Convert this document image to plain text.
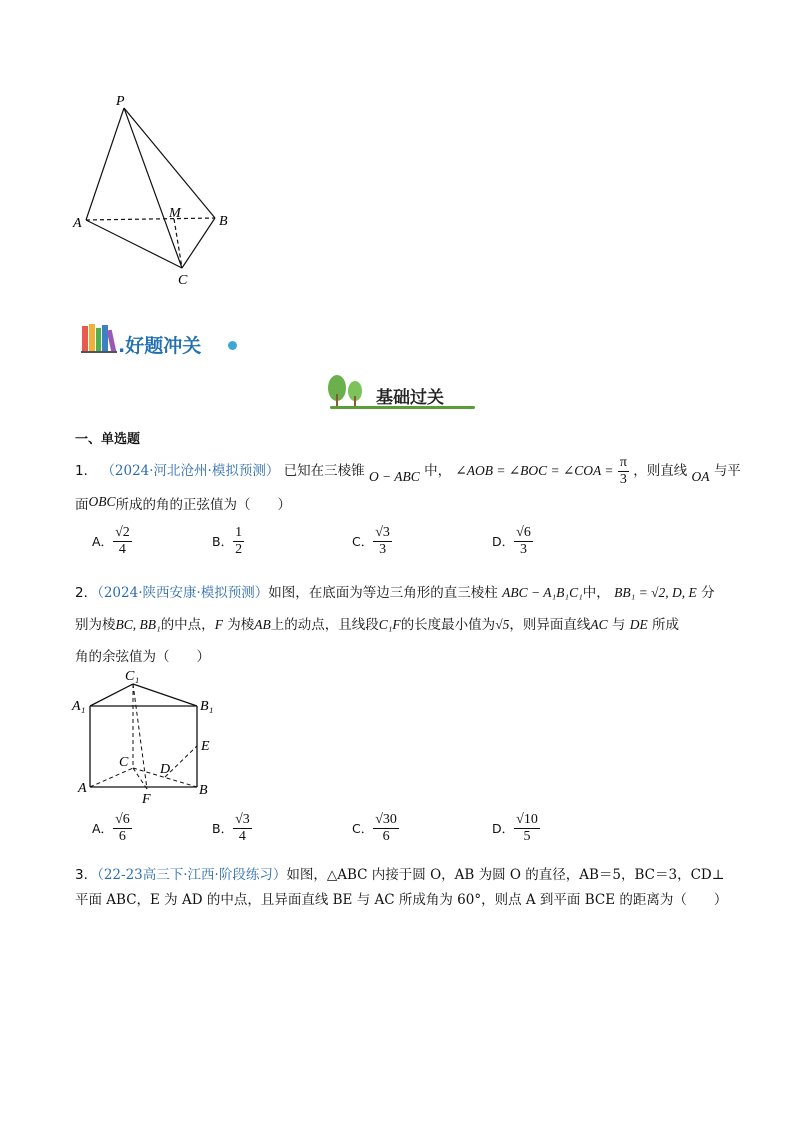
P
A	B
C
M
.好题冲关
基础过关
一、单选题
1． （2024·河北沧州·模拟预测） 已知在三棱锥 O − ABC 中， ∠AOB = ∠BOC = ∠COA = $\frac{\pi}{3}$ ，则直线 OA 与平
面OBC所成的角的正弦值为（　　）
A． $\frac{√2}{4}$	B． $\frac{1}{2}$	C． $\frac{√3}{3}$	D． $\frac{√6}{3}$
2．（2024·陕西安康·模拟预测）如图，在底面为等边三角形的直三棱柱 ABC − A₁B₁C₁中， BB₁ = √2, D, E 分
别为棱BC, BB₁的中点，F 为棱AB上的动点，且线段C₁F的长度最小值为√5，则异面直线AC 与 DE 所成
角的余弦值为（　　）
C₁
A₁	B₁
E
C D
A
F
B
A． $\frac{√6}{6}$	B． $\frac{√3}{4}$	C． $\frac{√30}{6}$	D． $\frac{√10}{5}$
3．（22-23高三下·江西·阶段练习）如图，△ABC 内接于圆 O，AB 为圆 O 的直径，AB＝5，BC＝3，CD⊥
平面 ABC，E 为 AD 的中点，且异面直线 BE 与 AC 所成角为 60°，则点 A 到平面 BCE 的距离为（　　）
